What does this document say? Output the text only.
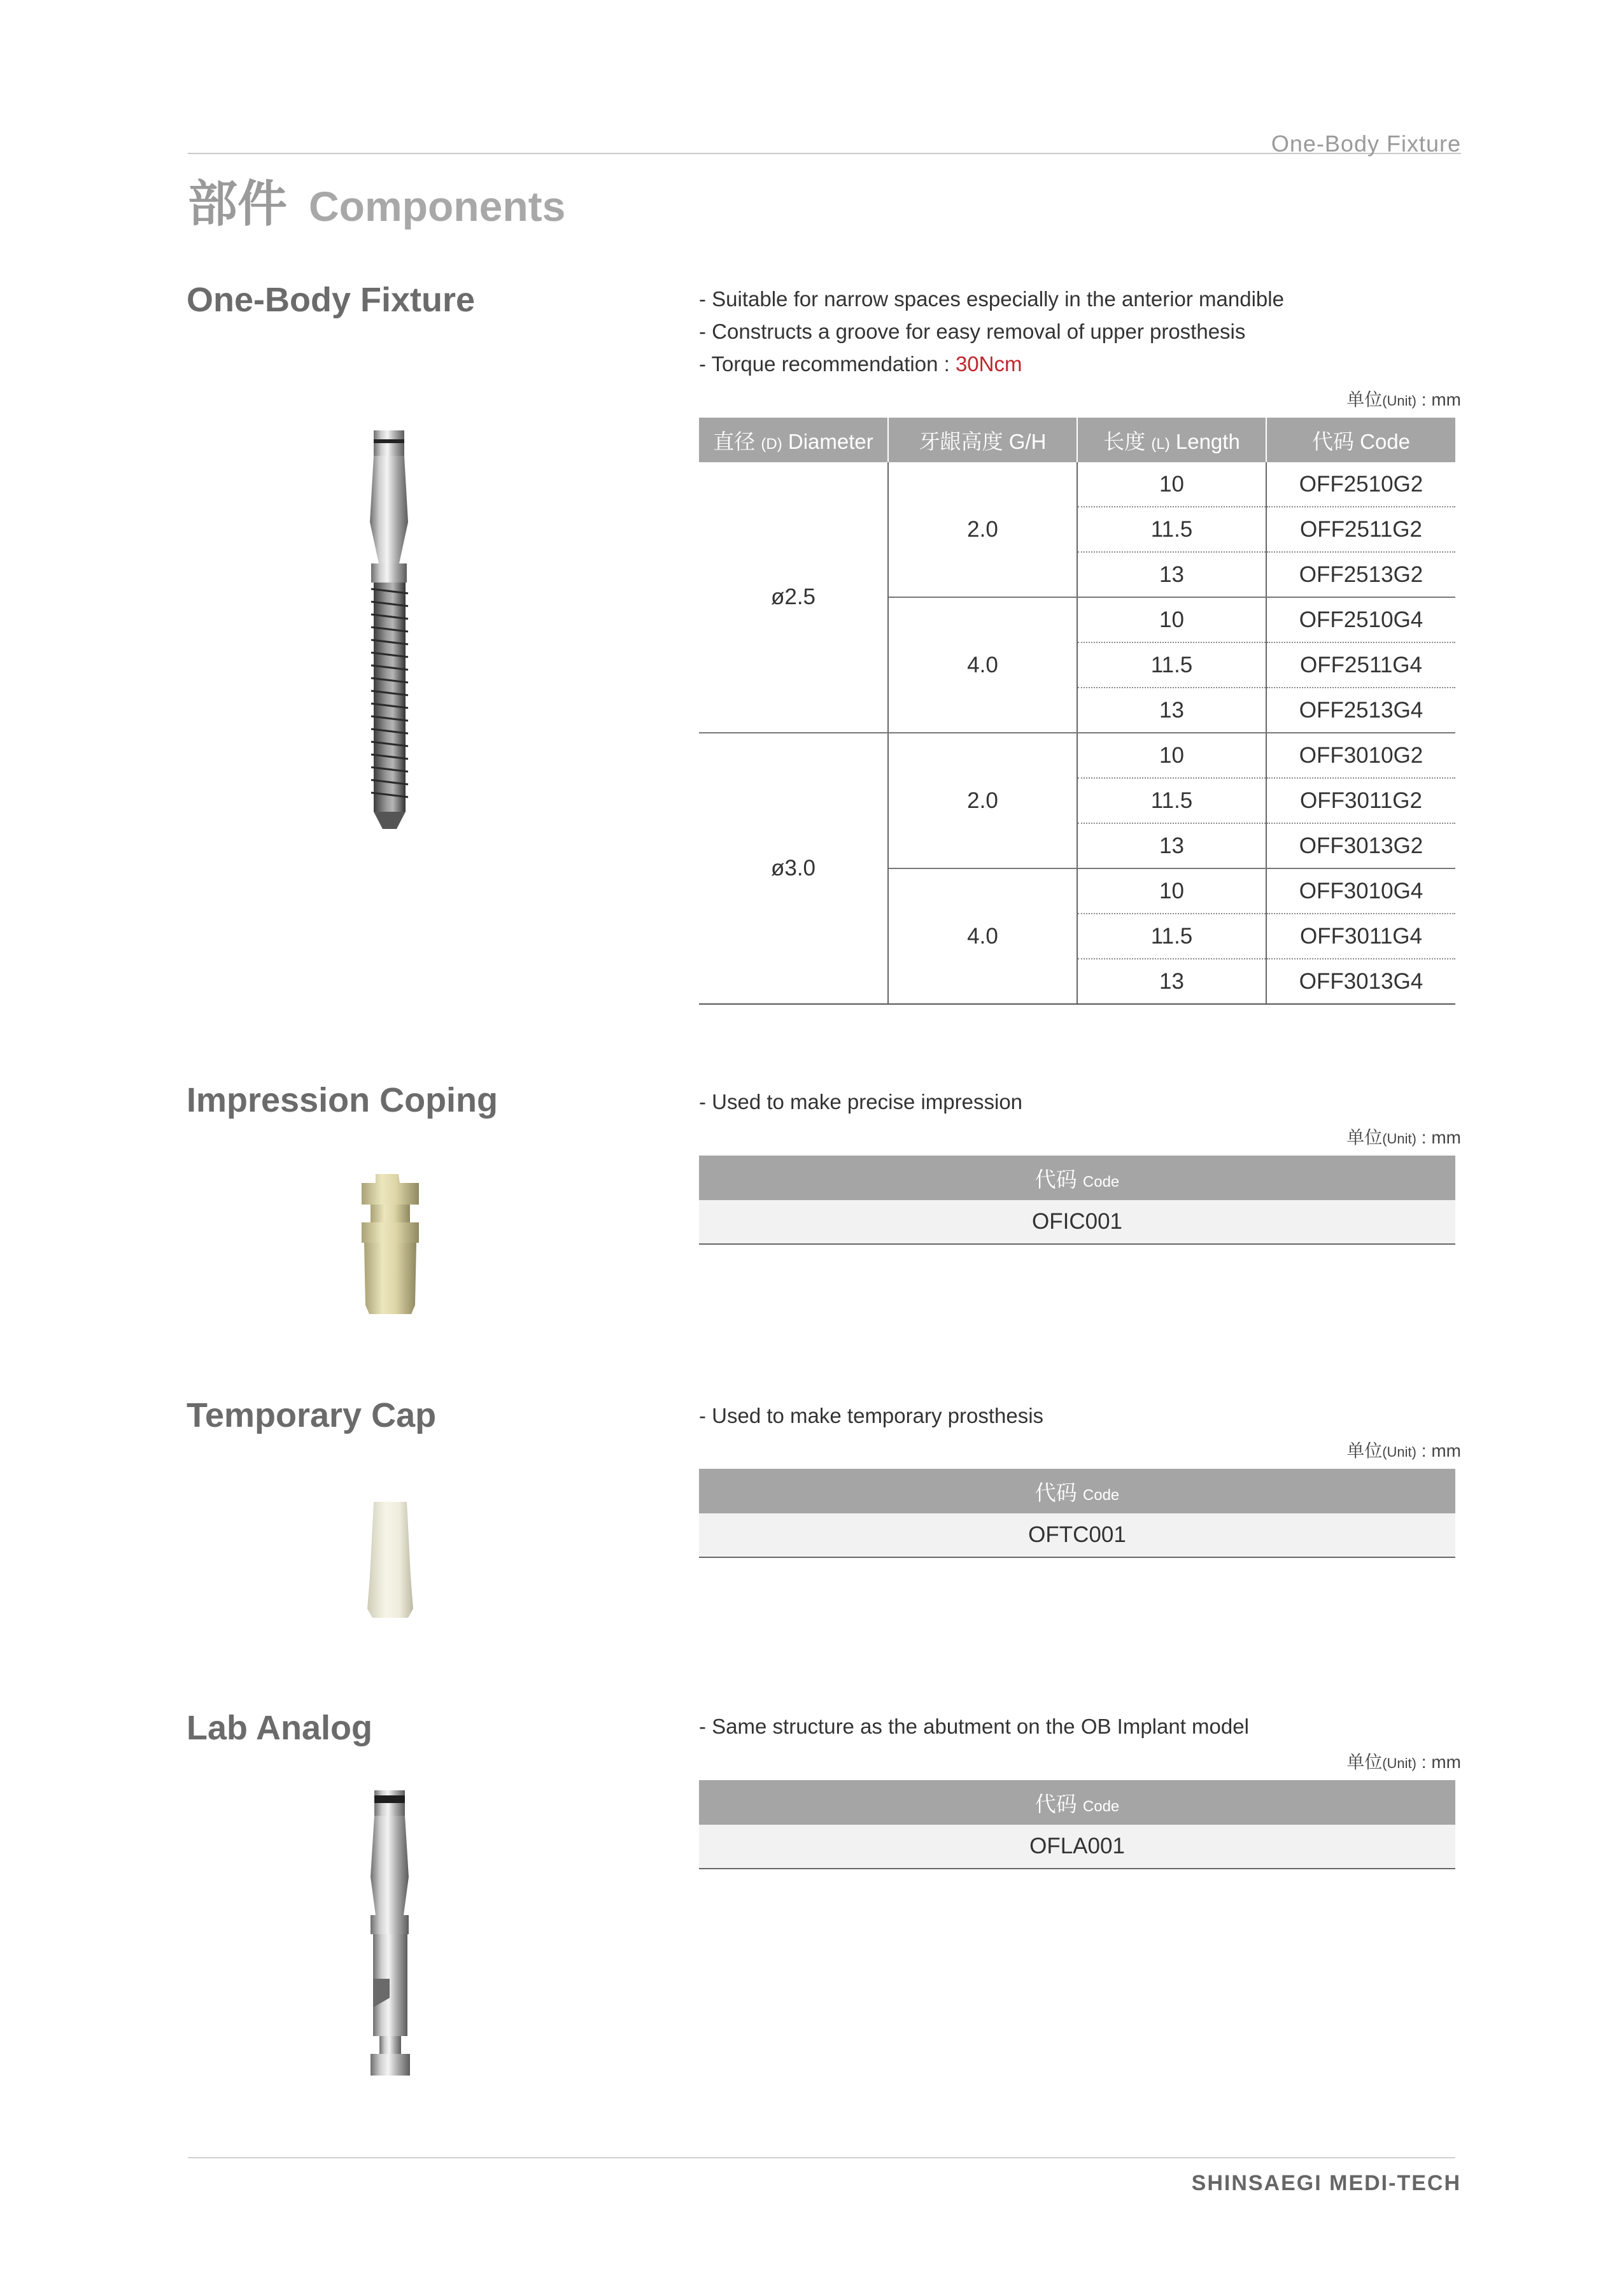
One-Body Fixture
部件 Components
One-Body Fixture	- Suitable for narrow spaces especially in the anterior mandible
- Constructs a groove for easy removal of upper prosthesis
- Torque recommendation : 30Ncm
单位(Unit) : mm
直径 (D) Diameter	牙龈高度 G/H	长度 (L) Length	代码 Code
ø2.5	2.0	10	OFF2510G2
		11.5	OFF2511G2
		13	OFF2513G2
	4.0	10	OFF2510G4
		11.5	OFF2511G4
		13	OFF2513G4
ø3.0	2.0	10	OFF3010G2
		11.5	OFF3011G2
		13	OFF3013G2
	4.0	10	OFF3010G4
		11.5	OFF3011G4
		13	OFF3013G4
Impression Coping	- Used to make precise impression
单位(Unit) : mm
代码 Code
OFIC001
Temporary Cap	- Used to make temporary prosthesis
单位(Unit) : mm
代码 Code
OFTC001
Lab Analog	- Same structure as the abutment on the OB Implant model
单位(Unit) : mm
代码 Code
OFLA001
SHINSAEGI MEDI-TECH
